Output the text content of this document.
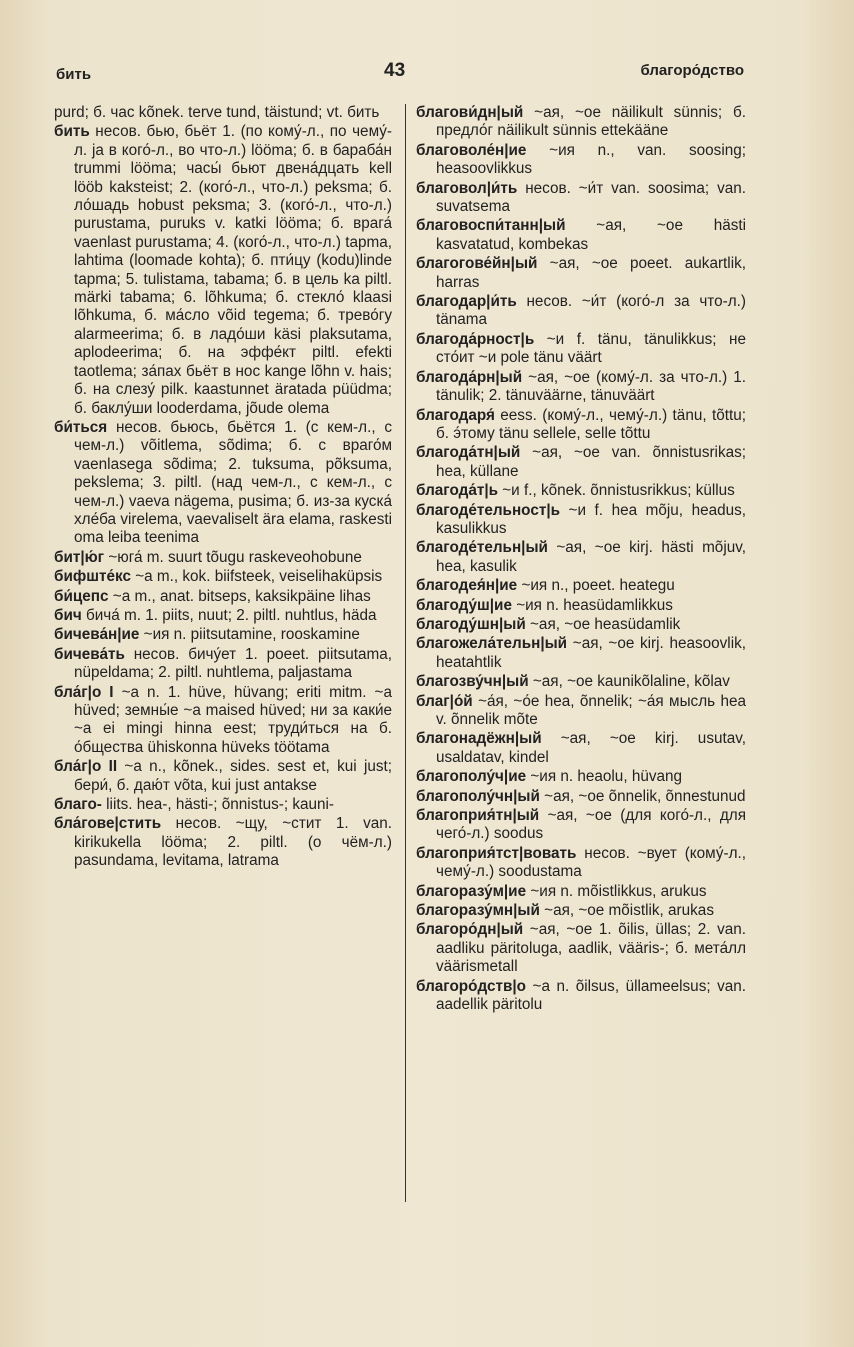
бить	43	благоро́дство

purd; б. час kõnek. terve tund, täistund; vt. бить

бить несов. бью, бьёт 1. (по кому́-л., по чему́-л. ja в кого́-л., во что-л.) lööma; б. в бараба́н trummi lööma; часы́ бьют двена́дцать kell lööb kaksteist; 2. (кого́-л., что-л.) peksma; б. ло́шадь hobust peksma; 3. (кого́-л., что-л.) purustama, puruks v. katki lööma; б. врага́ vaenlast purustama; 4. (кого́-л., что-л.) tapma, lahtima (loomade kohta); б. пти́цу (kodu)linde tapma; 5. tulistama, tabama; б. в цель ka piltl. märki tabama; 6. lõhkuma; б. стекло́ klaasi lõhkuma, б. ма́сло võid tegema; б. трево́гу alarmeerima; б. в ладо́ши käsi plaksutama, aplodeerima; б. на эффе́кт piltl. efekti taotlema; за́пах бьёт в нос kange lõhn v. hais; б. на слезу́ pilk. kaastunnet äratada püüdma; б. баклу́ши looderdama, jõude olema

би́ться несов. бьюсь, бьётся 1. (с кем-л., с чем-л.) võitlema, sõdima; б. с враго́м vaenlasega sõdima; 2. tuksuma, põksuma, pekslema; 3. piltl. (над чем-л., с кем-л., с чем-л.) vaeva nägema, pusima; б. из-за куска́ хле́ба virelema, vaevaliselt ära elama, raskesti oma leiba teenima

бит|ю́г ~юга́ m. suurt tõugu raskeveohobune

бифште́кс ~а m., kok. biifsteek, veiselihaküpsis

би́цепс ~а m., anat. bitseps, kaksikpäine lihas

бич бича́ m. 1. piits, nuut; 2. piltl. nuhtlus, häda

бичева́н|ие ~ия n. piitsutamine, rooskamine

бичева́ть несов. бичу́ет 1. poeet. piitsutama, nüpeldama; 2. piltl. nuhtlema, paljastama

бла́г|о I ~а n. 1. hüve, hüvang; eriti mitm. ~а hüved; земны́е ~а maised hüved; ни за каки́е ~а ei mingi hinna eest; труди́ться на б. о́бщества ühiskonna hüveks töötama

бла́г|о II ~а n., kõnek., sides. sest et, kui just; бери́, б. даю́т võta, kui just antakse

благо- liits. hea-, hästi-; õnnistus-; kauni-

бла́гове|стить несов. ~щу, ~стит 1. van. kirikukella lööma; 2. piltl. (о чём-л.) pasundama, levitama, latrama

благови́дн|ый ~ая, ~ое näilikult sünnis; б. предло́г näilikult sünnis ettekääne

благоволе́н|ие ~ия n., van. soosing; heasoovlikkus

благовол|и́ть несов. ~и́т van. soosima; van. suvatsema

благовоспи́танн|ый ~ая, ~ое hästi kasvatatud, kombekas

благогове́йн|ый ~ая, ~ое poeet. aukartlik, harras

благодар|и́ть несов. ~и́т (кого́-л за что-л.) tänama

благода́рност|ь ~и f. tänu, tänulikkus; не сто́ит ~и pole tänu väärt

благода́рн|ый ~ая, ~ое (кому́-л. за что-л.) 1. tänulik; 2. tänuväärne, tänuväärt

благодаря́ eess. (кому́-л., чему́-л.) tänu, tõttu; б. э́тому tänu sellele, selle tõttu

благода́тн|ый ~ая, ~ое van. õnnistusrikas; hea, küllane

благода́т|ь ~и f., kõnek. õnnistusrikkus; küllus

благоде́тельност|ь ~и f. hea mõju, headus, kasulikkus

благоде́тельн|ый ~ая, ~ое kirj. hästi mõjuv, hea, kasulik

благодея́н|ие ~ия n., poeet. heategu

благоду́ш|ие ~ия n. heasüdamlikkus

благоду́шн|ый ~ая, ~ое heasüdamlik

благожела́тельн|ый ~ая, ~ое kirj. heasoovlik, heatahtlik

благозву́чн|ый ~ая, ~ое kaunikõlaline, kõlav

благ|о́й ~а́я, ~о́е hea, õnnelik; ~а́я мысль hea v. õnnelik mõte

благонадёжн|ый ~ая, ~ое kirj. usutav, usaldatav, kindel

благополу́ч|ие ~ия n. heaolu, hüvang

благополу́чн|ый ~ая, ~ое õnnelik, õnnestunud

благоприя́тн|ый ~ая, ~ое (для кого́-л., для чего́-л.) soodus

благоприя́тст|вовать несов. ~вует (кому́-л., чему́-л.) soodustama

благоразу́м|ие ~ия n. mõistlikkus, arukus

благоразу́мн|ый ~ая, ~ое mõistlik, arukas

благоро́дн|ый ~ая, ~ое 1. õilis, üllas; 2. van. aadliku päritoluga, aadlik, vääris-; б. мета́лл väärismetall

благоро́дств|о ~а n. õilsus, üllameelsus; van. aadellik päritolu
